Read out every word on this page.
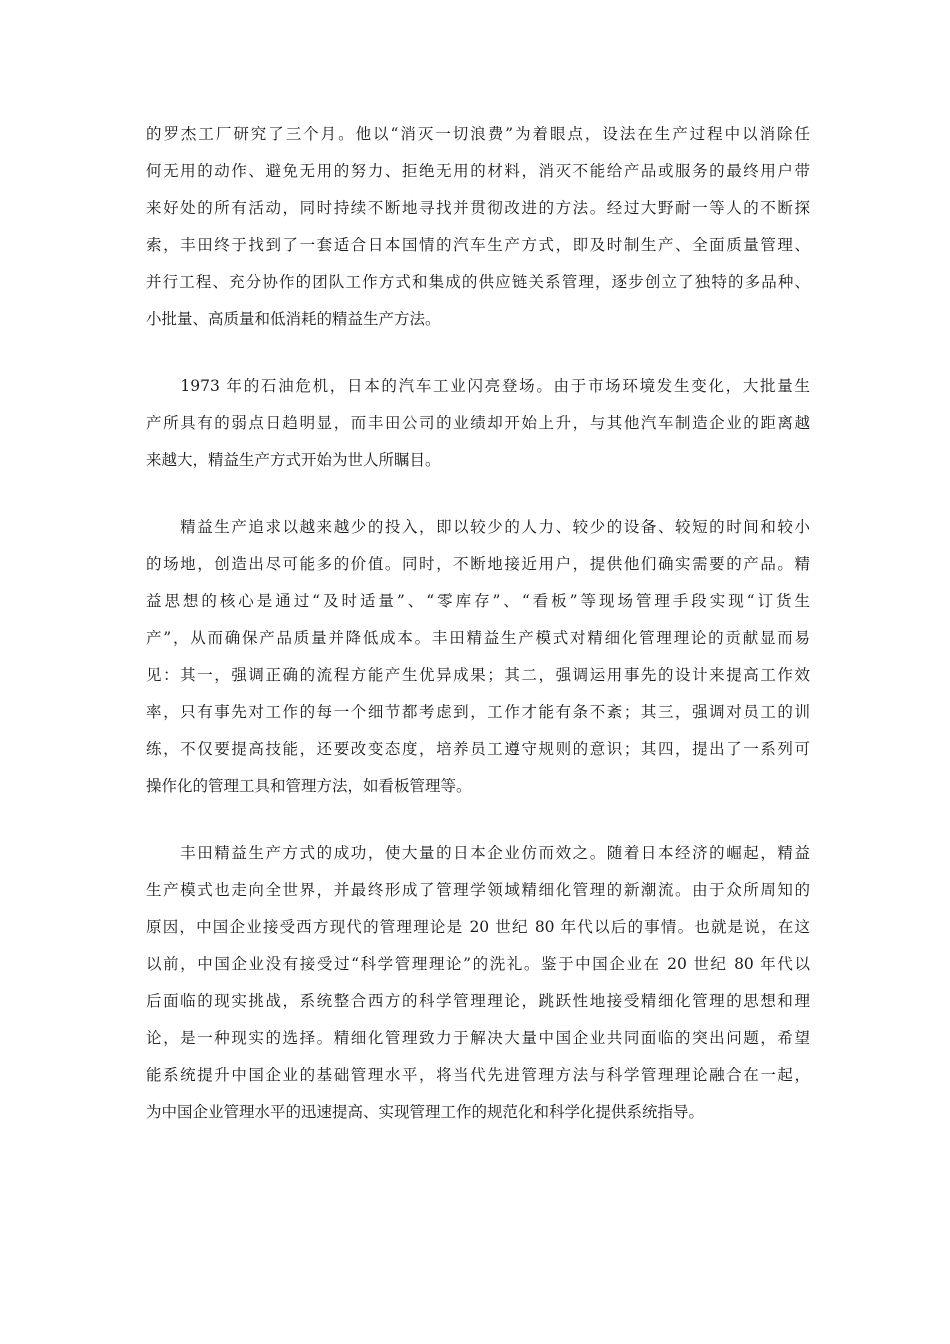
的罗杰工厂研究了三个月。他以“消灭一切浪费”为着眼点，设法在生产过程中以消除任
何无用的动作、避免无用的努力、拒绝无用的材料，消灭不能给产品或服务的最终用户带
来好处的所有活动，同时持续不断地寻找并贯彻改进的方法。经过大野耐一等人的不断探
索，丰田终于找到了一套适合日本国情的汽车生产方式，即及时制生产、全面质量管理、
并行工程、充分协作的团队工作方式和集成的供应链关系管理，逐步创立了独特的多品种、
小批量、高质量和低消耗的精益生产方法。
　　1973 年的石油危机，日本的汽车工业闪亮登场。由于市场环境发生变化，大批量生
产所具有的弱点日趋明显，而丰田公司的业绩却开始上升，与其他汽车制造企业的距离越
来越大，精益生产方式开始为世人所瞩目。
　　精益生产追求以越来越少的投入，即以较少的人力、较少的设备、较短的时间和较小
的场地，创造出尽可能多的价值。同时，不断地接近用户，提供他们确实需要的产品。精
益思想的核心是通过“及时适量”、“零库存”、“看板”等现场管理手段实现“订货生
产”，从而确保产品质量并降低成本。丰田精益生产模式对精细化管理理论的贡献显而易
见：其一，强调正确的流程方能产生优异成果；其二，强调运用事先的设计来提高工作效
率，只有事先对工作的每一个细节都考虑到，工作才能有条不紊；其三，强调对员工的训
练，不仅要提高技能，还要改变态度，培养员工遵守规则的意识；其四，提出了一系列可
操作化的管理工具和管理方法，如看板管理等。
　　丰田精益生产方式的成功，使大量的日本企业仿而效之。随着日本经济的崛起，精益
生产模式也走向全世界，并最终形成了管理学领域精细化管理的新潮流。由于众所周知的
原因，中国企业接受西方现代的管理理论是 20 世纪 80 年代以后的事情。也就是说，在这
以前，中国企业没有接受过“科学管理理论”的洗礼。鉴于中国企业在 20 世纪 80 年代以
后面临的现实挑战，系统整合西方的科学管理理论，跳跃性地接受精细化管理的思想和理
论，是一种现实的选择。精细化管理致力于解决大量中国企业共同面临的突出问题，希望
能系统提升中国企业的基础管理水平，将当代先进管理方法与科学管理理论融合在一起，
为中国企业管理水平的迅速提高、实现管理工作的规范化和科学化提供系统指导。
